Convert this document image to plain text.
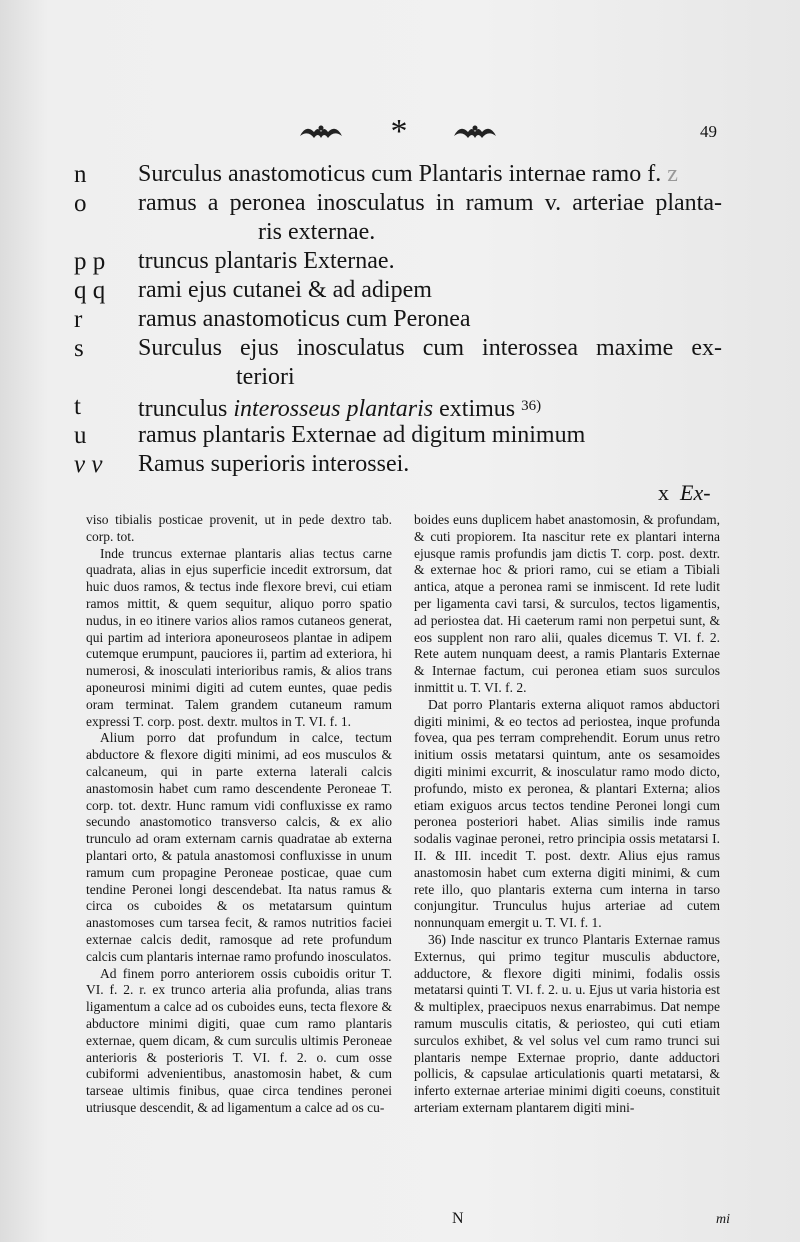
*	49
n	Surculus anastomoticus cum Plantaris internae ramo f. z
o	ramus a peronea inosculatus in ramum v. arteriae planta-
ris externae.
p p	truncus plantaris Externae.
q q	rami ejus cutanei & ad adipem
r	ramus anastomoticus cum Peronea
s	Surculus ejus inosculatus cum interossea maxime ex-
teriori
t	trunculus interosseus plantaris extimus $^{36)}$
u	ramus plantaris Externae ad digitum minimum
v v	Ramus superioris interossei.
x Ex-

viso tibialis posticae provenit, ut in pede dextro tab. corp. tot.

Inde truncus externae plantaris alias tectus carne quadrata, alias in ejus superficie incedit extrorsum, dat huic duos ramos, & tectus inde flexore brevi, cui etiam ramos mittit, & quem sequitur, aliquo porro spatio nudus, in eo itinere varios alios ramos cutaneos generat, qui partim ad interiora aponeuroseos plantae in adipem cutemque erumpunt, pauciores ii, partim ad exteriora, hi numerosi, & inosculati interioribus ramis, & alios trans aponeurosi minimi digiti ad cutem euntes, quae pedis oram terminat. Talem grandem cutaneum ramum expressi T. corp. post. dextr. multos in T. VI. f. 1.

Alium porro dat profundum in calce, tectum abductore & flexore digiti minimi, ad eos musculos & calcaneum, qui in parte externa laterali calcis anastomosin habet cum ramo descendente Peroneae T. corp. tot. dextr. Hunc ramum vidi confluxisse ex ramo secundo anastomotico transverso calcis, & ex alio trunculo ad oram externam carnis quadratae ab externa plantari orto, & patula anastomosi confluxisse in unum ramum cum propagine Peroneae posticae, quae cum tendine Peronei longi descendebat. Ita natus ramus & circa os cuboides & os metatarsum quintum anastomoses cum tarsea fecit, & ramos nutritios faciei externae calcis dedit, ramosque ad rete profundum calcis cum plantaris internae ramo profundo inosculatos.

Ad finem porro anteriorem ossis cuboidis oritur T. VI. f. 2. r. ex trunco arteria alia profunda, alias trans ligamentum a calce ad os cuboides euns, tecta flexore & abductore minimi digiti, quae cum ramo plantaris externae, quem dicam, & cum surculis ultimis Peroneae anterioris & posterioris T. VI. f. 2. o. cum osse cubiformi advenientibus, anastomosin habet, & cum tarseae ultimis finibus, quae circa tendines peronei utriusque descendit, & ad ligamentum a calce ad os cu-

boides euns duplicem habet anastomosin, & profundam, & cuti propiorem. Ita nascitur rete ex plantari interna ejusque ramis profundis jam dictis T. corp. post. dextr. & externae hoc & priori ramo, cui se etiam a Tibiali antica, atque a peronea rami se inmiscent. Id rete ludit per ligamenta cavi tarsi, & surculos, tectos ligamentis, ad periostea dat. Hi caeterum rami non perpetui sunt, & eos supplent non raro alii, quales dicemus T. VI. f. 2. Rete autem nunquam deest, a ramis Plantaris Externae & Internae factum, cui peronea etiam suos surculos inmittit u. T. VI. f. 2.

Dat porro Plantaris externa aliquot ramos abductori digiti minimi, & eo tectos ad periostea, inque profunda fovea, qua pes terram comprehendit. Eorum unus retro initium ossis metatarsi quintum, ante os sesamoides digiti minimi excurrit, & inosculatur ramo modo dicto, profundo, misto ex peronea, & plantari Externa; alios etiam exiguos arcus tectos tendine Peronei longi cum peronea posteriori habet. Alias similis inde ramus sodalis vaginae peronei, retro principia ossis metatarsi I. II. & III. incedit T. post. dextr. Alius ejus ramus anastomosin habet cum externa digiti minimi, & cum rete illo, quo plantaris externa cum interna in tarso conjungitur. Trunculus hujus arteriae ad cutem nonnunquam emergit u. T. VI. f. 1.

36) Inde nascitur ex trunco Plantaris Externae ramus Externus, qui primo tegitur musculis abductore, adductore, & flexore digiti minimi, fodalis ossis metatarsi quinti T. VI. f. 2. u. u. Ejus ut varia historia est & multiplex, praecipuos nexus enarrabimus. Dat nempe ramum musculis citatis, & periosteo, qui cuti etiam surculos exhibet, & vel solus vel cum ramo trunci sui plantaris nempe Externae proprio, dante adductori pollicis, & capsulae articulationis quarti metatarsi, & inferto externae arteriae minimi digiti coeuns, constituit arteriam externam plantarem digiti mini-

N	mi
